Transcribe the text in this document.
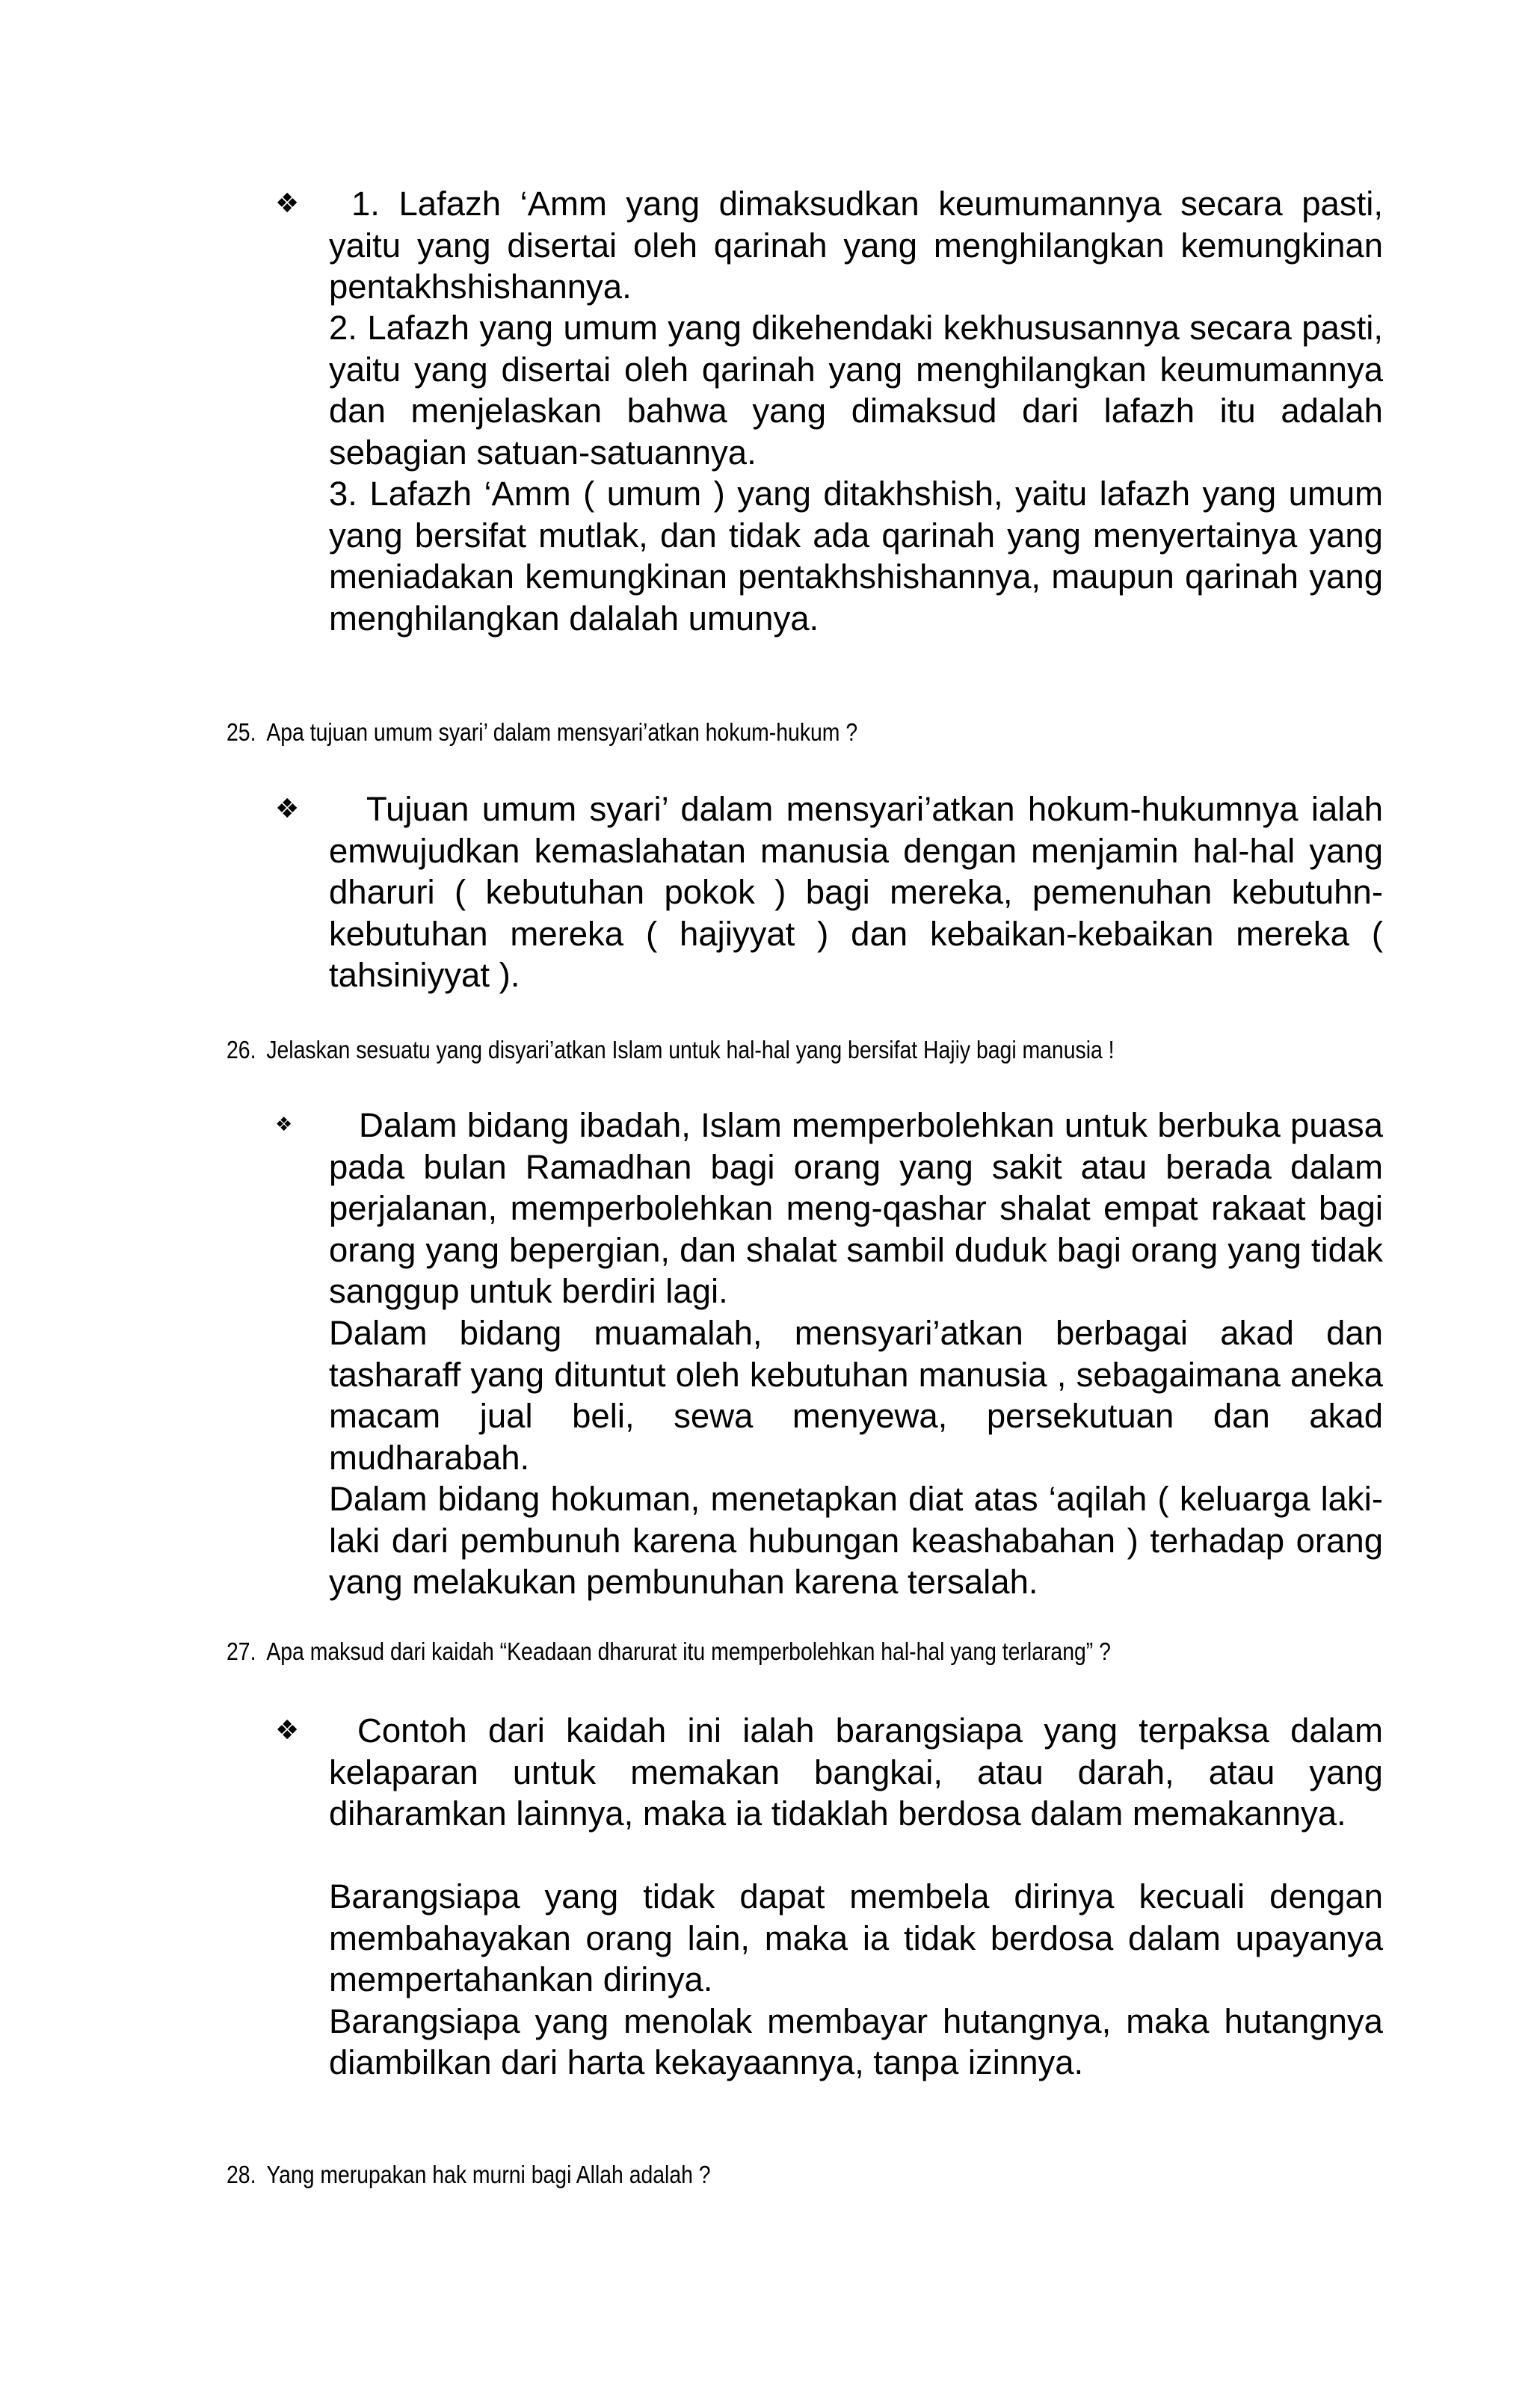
❖	1. Lafazh ‘Amm yang dimaksudkan keumumannya secara pasti, yaitu yang disertai oleh qarinah yang menghilangkan kemungkinan pentakhshishannya.

2. Lafazh yang umum yang dikehendaki kekhususannya secara pasti, yaitu yang disertai oleh qarinah yang menghilangkan keumumannya dan menjelaskan bahwa yang dimaksud dari lafazh itu adalah sebagian satuan-satuannya.

3. Lafazh ‘Amm ( umum ) yang ditakhshish, yaitu lafazh yang umum yang bersifat mutlak, dan tidak ada qarinah yang menyertainya yang meniadakan kemungkinan pentakhshishannya, maupun qarinah yang menghilangkan dalalah umunya.

25. Apa tujuan umum syari’ dalam mensyari’atkan hokum-hukum ?
❖	Tujuan umum syari’ dalam mensyari’atkan hokum-hukumnya ialah emwujudkan kemaslahatan manusia dengan menjamin hal-hal yang dharuri ( kebutuhan pokok ) bagi mereka, pemenuhan kebutuhn-kebutuhan mereka ( hajiyyat ) dan kebaikan-kebaikan mereka ( tahsiniyyat ).

26. Jelaskan sesuatu yang disyari’atkan Islam untuk hal-hal yang bersifat Hajiy bagi manusia !
❖	Dalam bidang ibadah, Islam memperbolehkan untuk berbuka puasa pada bulan Ramadhan bagi orang yang sakit atau berada dalam perjalanan, memperbolehkan meng-qashar shalat empat rakaat bagi orang yang bepergian, dan shalat sambil duduk bagi orang yang tidak sanggup untuk berdiri lagi.

Dalam bidang muamalah, mensyari’atkan berbagai akad dan tasharaff yang dituntut oleh kebutuhan manusia , sebagaimana aneka macam jual beli, sewa menyewa, persekutuan dan akad mudharabah.

Dalam bidang hokuman, menetapkan diat atas ‘aqilah ( keluarga laki-laki dari pembunuh karena hubungan keashabahan ) terhadap orang yang melakukan pembunuhan karena tersalah.

27. Apa maksud dari kaidah “Keadaan dharurat itu memperbolehkan hal-hal yang terlarang” ?
❖	Contoh dari kaidah ini ialah barangsiapa yang terpaksa dalam kelaparan untuk memakan bangkai, atau darah, atau yang diharamkan lainnya, maka ia tidaklah berdosa dalam memakannya.

Barangsiapa yang tidak dapat membela dirinya kecuali dengan membahayakan orang lain, maka ia tidak berdosa dalam upayanya mempertahankan dirinya.

Barangsiapa yang menolak membayar hutangnya, maka hutangnya diambilkan dari harta kekayaannya, tanpa izinnya.

28. Yang merupakan hak murni bagi Allah adalah ?
